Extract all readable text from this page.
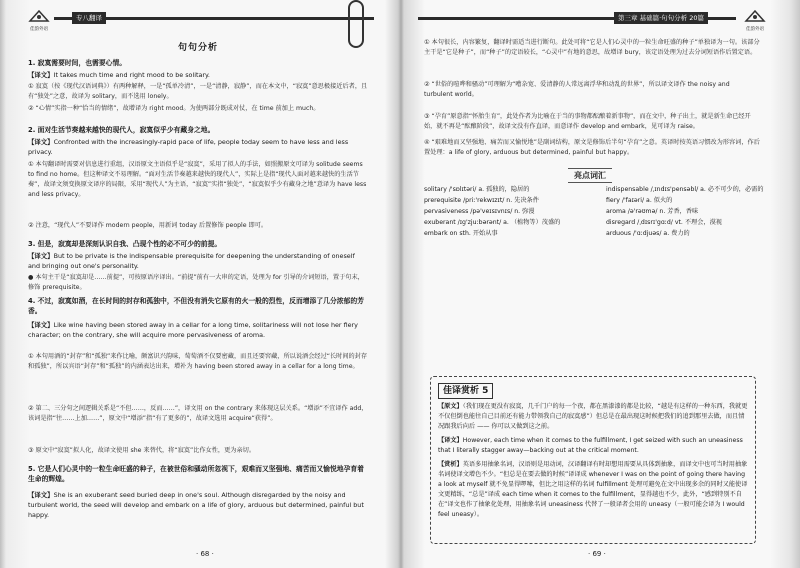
佳韵外语
专八翻译
句句分析
1. 寂寞需要时间，也需要心情。
【译文】It takes much time and right mood to be solitary.
① 寂寞（按《现代汉语词典》）有两种解释，一是“孤单冷清”，一是“清静，寂静”，而在本文中，“寂寞”意思极接近后者，且有“独处”之意，故译为 solitary，而不选用 lonely。
② “心情”实指一种“恰当的情绪”，故增译为 right mood。为使两部分既成对仗，在 time 前加上 much。
2. 面对生活节奏越来越快的现代人，寂寞似乎少有藏身之地。
【译文】Confronted with the increasingly-rapid pace of life, people today seem to have less and less privacy.
① 本句翻译时需要对信息进行重组，汉语原文主语似乎是“寂寞”，采用了拟人的手法，如照搬原文可译为 solitude seems to find no home。但这种译文不易理解。“面对生活节奏越来越快的现代人”，实际上是指“现代人面对越来越快的生活节奏”，故译文须变换原文译序的局限，采用“现代人”为主语，“寂寞”实指“独处”，“寂寞似乎少有藏身之地”意译为 have less and less privacy。
② 注意，“现代人”不要译作 modern people，用新词 today 后置修饰 people 即可。
3. 但是，寂寞却是深刻认识自我、凸现个性的必不可少的前提。
【译文】But to be private is the indispensable prerequisite for deepening the understanding of oneself and bringing out one's personality.
● 本句主干是“寂寞却是……前提”，可按原语序译出。“前提”前有一大串的定语，处理为 for 引导的介词短语，置于句末，修饰 prerequisite。
4. 不过，寂寞如酒，在长时间的封存和孤独中，不但没有消失它原有的火一般的烈性，反而增添了几分浓郁的芳香。
【译文】Like wine having been stored away in a cellar for a long time, solitariness will not lose her fiery character; on the contrary, she will acquire more pervasiveness of aroma.
① 本句用酒的“封存”和“孤独”来作比喻，颇富识兴韵味，萄萄酒不仅要密藏，而且还要窖藏，所以说酒会经过“长时间的封存和孤独”，所以宾语“封存”和“孤独”的内涵表达出来，增补为 having been stored away in a cellar for a long time。
② 第二、三分句之间逻辑关系是“不但……，反而……”，译文用 on the contrary 来体现这层关系。“增添”不宜译作 add，该词是指“往……上加……”，原文中“增添”指“有了更多的”，故译文选用 acquire“获得”。
③ 原文中“寂寞”拟人化，故译文使用 she 来替代，将“寂寞”比作女性，更为亲切。
5. 它是人们心灵中的一粒生命旺盛的种子，在被世俗和骚动所忽视下，艰难而又坚强地、痛苦而又愉悦地孕育着生命的辉煌。
【译文】She is an exuberant seed buried deep in one's soul. Although disregarded by the noisy and turbulent world, the seed will develop and embark on a life of glory, arduous but determined, painful but happy.
· 68 ·
第三章 基础篇·句句分析 20篇
佳韵外语
① 本句很长，内容繁复，翻译时需适当进行断句。此处可将“它是人们心灵中的一粒生命旺盛的种子”单独译为一句。该部分主干是“它是种子”，而“种子”的定语较长，“心灵中”有地的意思，故增译 bury，该定语处理为过去分词短语作后置定语。
② “世俗的喧哗和骚动”可理解为“嘈杂宽、爱清静的人常远离浮华和动乱的世界”，所以译文译作 the noisy and turbulent world。
③ “孕育”原意指“怀胎生育”，此处作者为比喻在于当的事物都酝酿着新事物”，而在文中，种子出土，就是新生命已经开始，就不再是“酝酿阶段”，故译文没有作直译，而意译作 develop and embark，见可译为 raise。
④ “艰难地而又坚强地、痛苦而又愉悦地”是副词结构，原文是修饰后半句“孕育”之意。英译时按英语习惯改为形容词，作后置处理：a life of glory, arduous but determined, painful but happy。
亮点词汇
solitary /'sɒlɪtəri/ a. 孤独的，隐居的
prerequisite /priː'rekwɪzɪt/ n. 先决条件
pervasiveness /pə'veɪsɪvnɪs/ n. 弥漫
exuberant /ɪg'zjuːbərənt/ a. （植物等）茂盛的
embark on sth. 开始从事
indispensable /ˌɪndɪs'pensəbl/ a. 必不可少的，必需的
fiery /'faɪəri/ a. 似火的
aroma /ə'rəʊmə/ n. 芳香，香味
disregard /ˌdɪsrɪ'gɑːd/ vt. 不理会，漠视
arduous /'ɑːdjuəs/ a. 费力的
佳译赏析 5
【原文】（我们现在更没有寂寞，几千门户的每一个夜，都在黑漆漆的都是比较，“越是有这样的一种东西，我就更不仅但倒也能往自己目前还有能力带领我自己的寂寞感”）但总是在最出现这时候把我们的追到那里去做，而且情况跟我后向后 —— 你可以又做到这之前。
【译文】However, each time when it comes to the fulfillment, I get seized with such an uneasiness that I literally stagger away—backing out at the critical moment.
【赏析】英语多用抽象名词，汉语则是用动词，汉译翻译有时却想用需要从具体到抽象，而译文中也可当时用抽象名词使译文增色不少。“但总是在要去做的时候”译译成 whenever I was on the point of going there having a look at myself 就不免显得啰嗦，但比之用这样的名词 fulfillment 处理可避免在文中出现多余的同时又能使译文更精练，“总是”译成 each time when it comes to the fulfillment，显得越也不少，此外，“感到特别不自在”译文也作了抽象化处理，用抽象名词 uneasiness 代替了一般译者会用的 uneasy（一般可能会译为 I would feel uneasy）。
· 69 ·
